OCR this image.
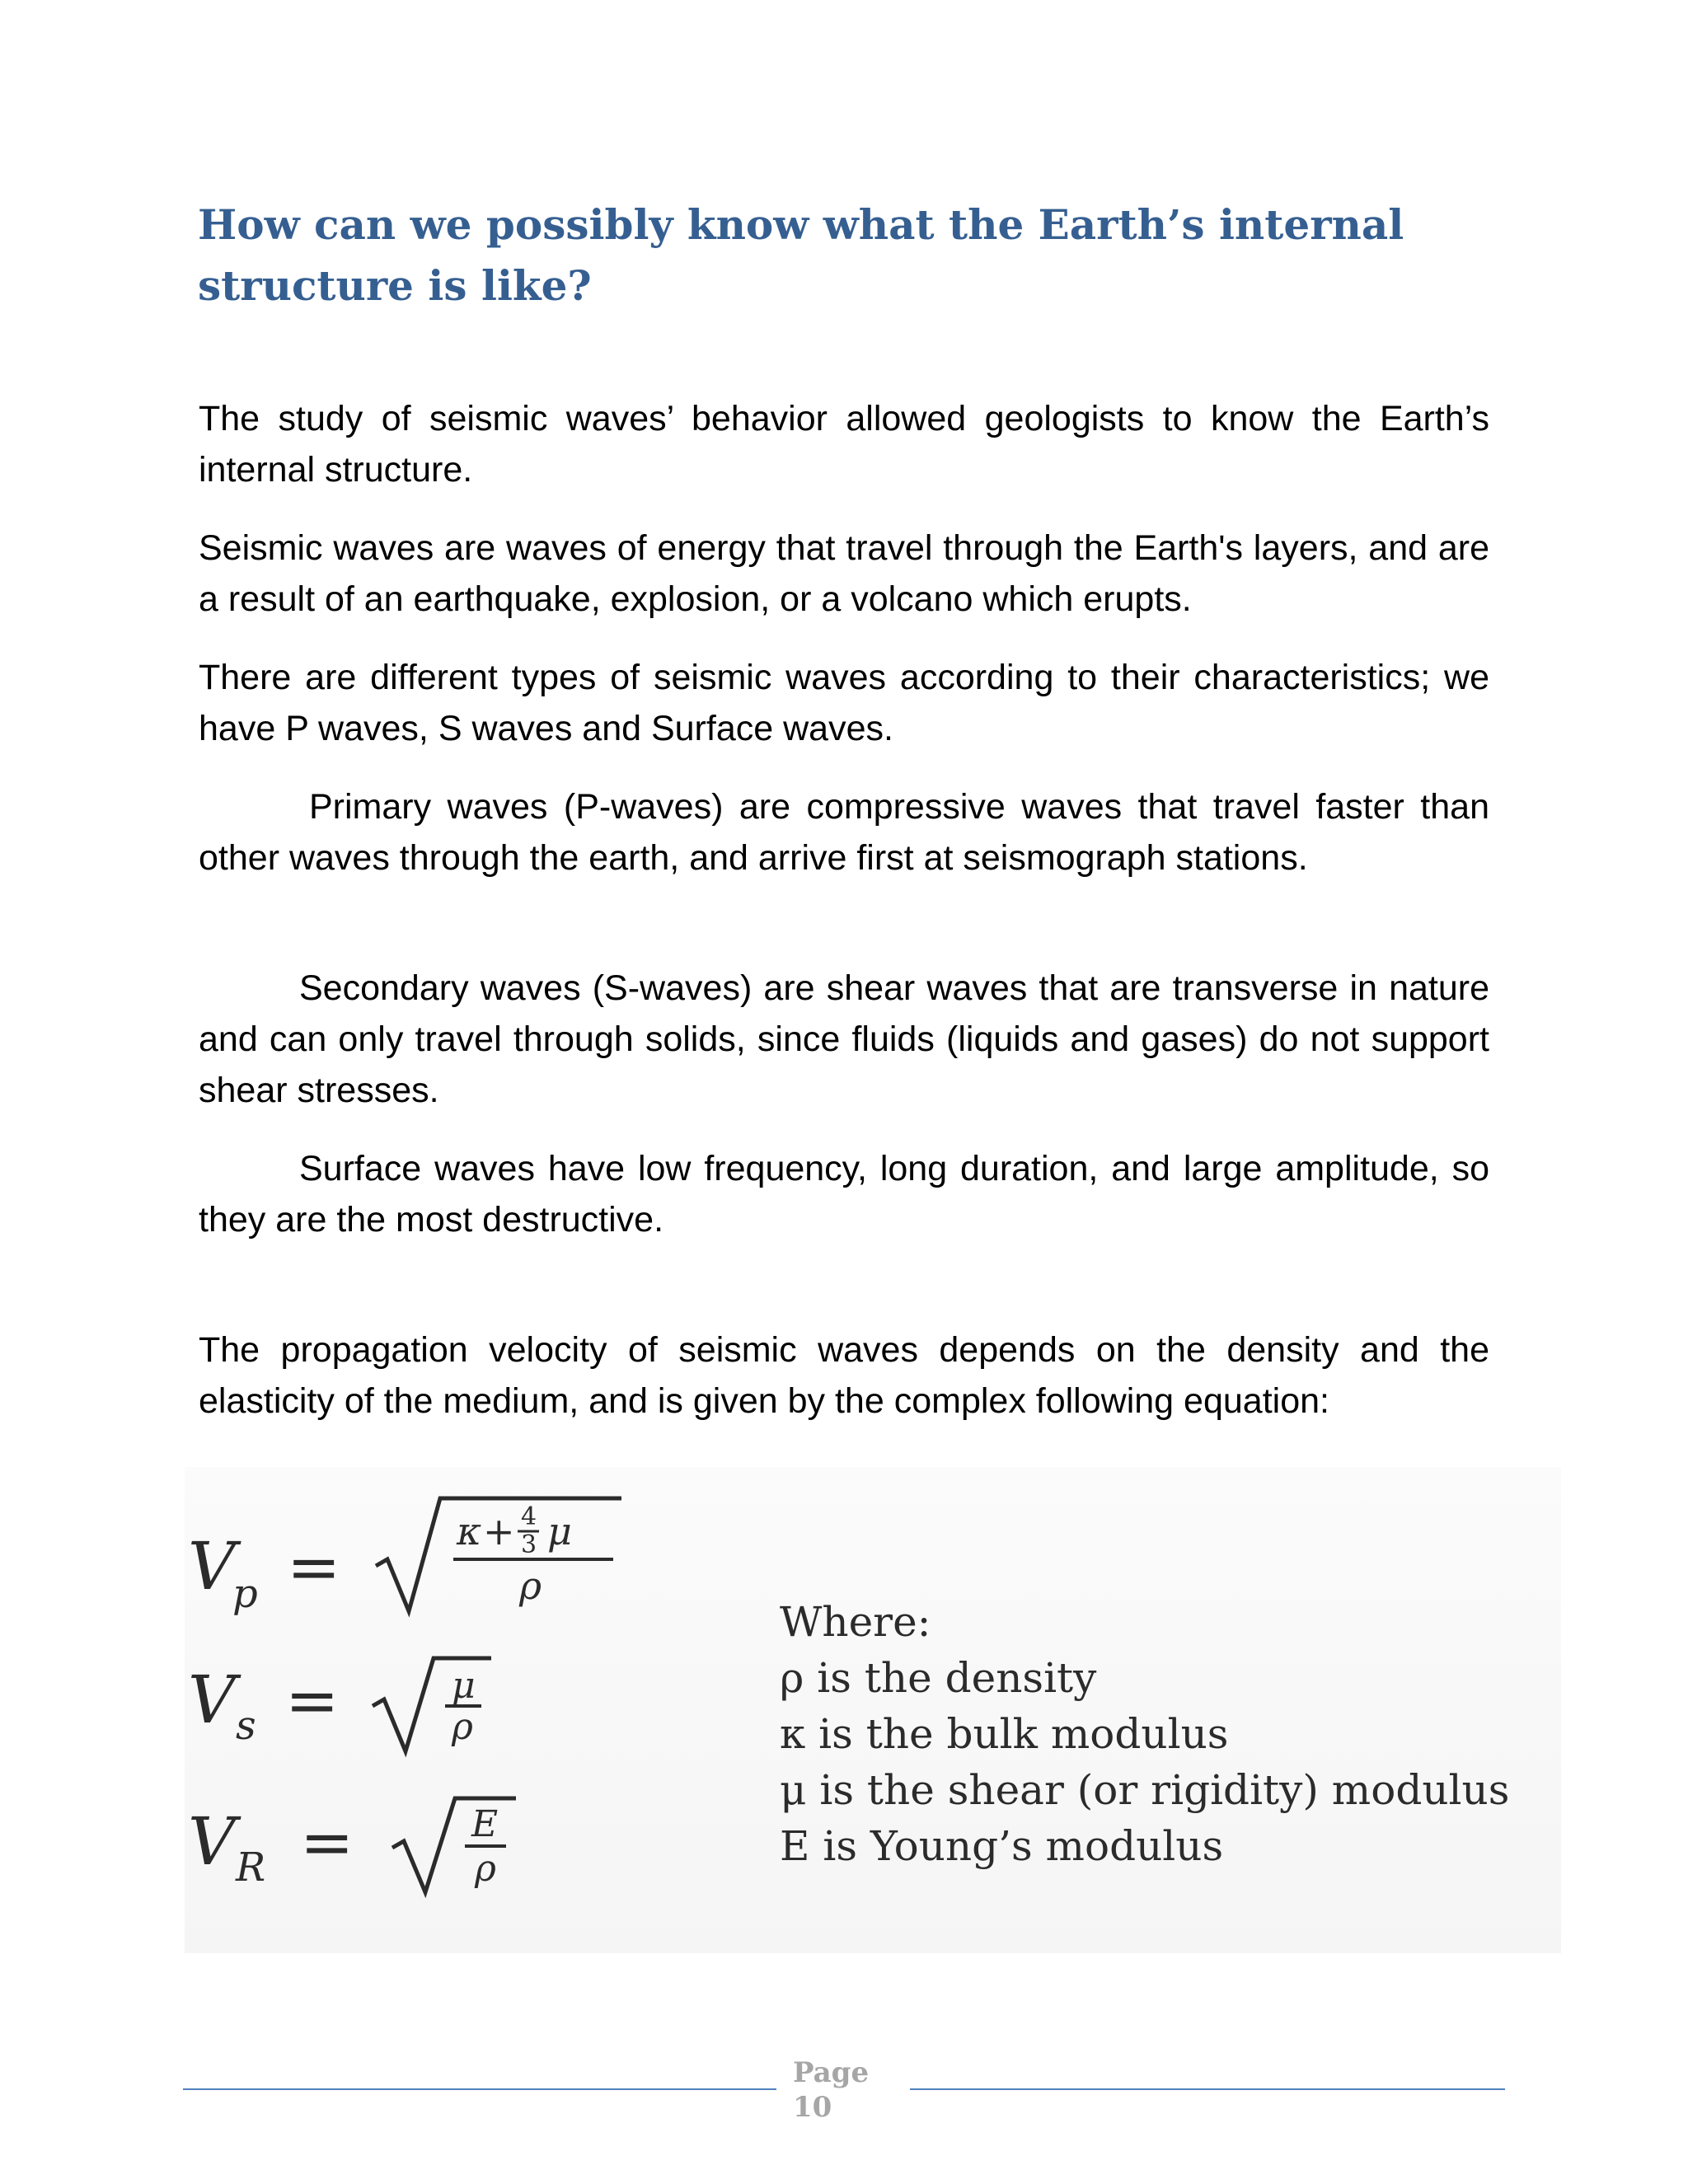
How can we possibly know what the Earth’s internal structure is like?
The study of seismic waves’ behavior allowed geologists to know the Earth’s internal structure.
Seismic waves are waves of energy that travel through the Earth's layers, and are a result of an earthquake, explosion, or a volcano which erupts.
There are different types of seismic waves according to their characteristics; we have P waves, S waves and Surface waves.
Primary waves (P-waves) are compressive waves that travel faster than other waves through the earth, and arrive first at seismograph stations.
Secondary waves (S-waves) are shear waves that are transverse in nature and can only travel through solids, since fluids (liquids and gases) do not support shear stresses.
Surface waves have low frequency, long duration, and large amplitude, so they are the most destructive.
The propagation velocity of seismic waves depends on the density and the
elasticity of the medium, and is given by the complex following equation:
V
p =	κ + 4
3 μ
ρ
V s =	μ
ρ
V R =	E
ρ
Where:
ρ is the density
κ is the bulk modulus
μ is the shear (or rigidity) modulus
E is Young’s modulus
Page
10
